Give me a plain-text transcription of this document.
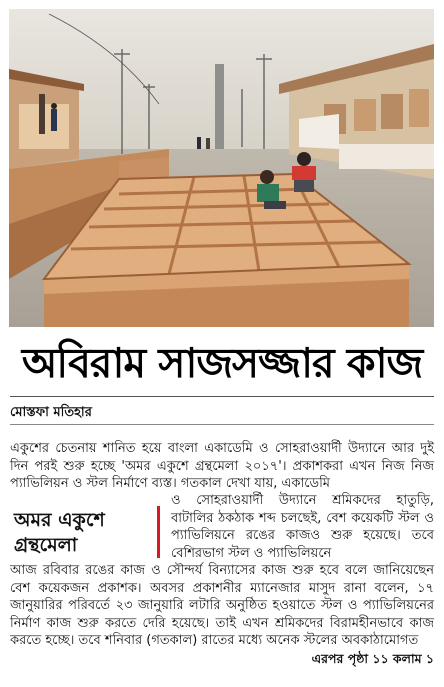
অবিরাম সাজসজ্জার কাজ
মোস্তফা মতিহার
একুশের চেতনায় শানিত হয়ে বাংলা একাডেমি ও সোহরাওয়ার্দী উদ্যানে আর দুই দিন পরই শুরু হচ্ছে 'অমর একুশে গ্রন্থমেলা ২০১৭'। প্রকাশকরা এখন নিজ নিজ প্যাভিলিয়ন ও স্টল নির্মাণে ব্যস্ত। গতকাল দেখা যায়, একাডেমি
অমর একুশে গ্রন্থমেলা
ও সোহরাওয়ার্দী উদ্যানে শ্রমিকদের হাতুড়ি, বাটালির ঠকঠাক শব্দ চলছেই, বেশ কয়েকটি স্টল ও প্যাভিলিয়নে রঙের কাজও শুরু হয়েছে। তবে বেশিরভাগ স্টল ও প্যাভিলিয়নে
আজ রবিবার রঙের কাজ ও সৌন্দর্য বিন্যাসের কাজ শুরু হবে বলে জানিয়েছেন বেশ কয়েকজন প্রকাশক। অবসর প্রকাশনীর ম্যানেজার মাসুদ রানা বলেন, ১৭ জানুয়ারির পরিবর্তে ২৩ জানুয়ারি লটারি অনুষ্ঠিত হওয়াতে স্টল ও প্যাভিলিয়নের নির্মাণ কাজ শুরু করতে দেরি হয়েছে। তাই এখন শ্রমিকদের বিরামহীনভাবে কাজ করতে হচ্ছে। তবে শনিবার (গতকাল) রাতের মধ্যে অনেক স্টলের অবকাঠামোগত
এরপর পৃষ্ঠা ১১ কলাম ১
